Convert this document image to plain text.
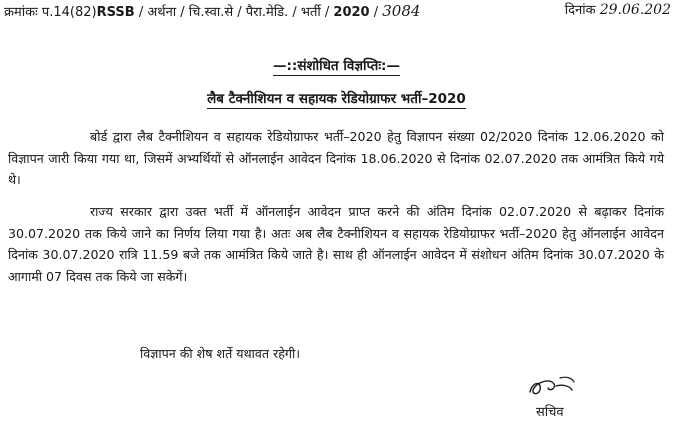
क्रमांकः प.14(82)RSSB / अर्थना / चि.स्वा.से / पैरा.मेडि. / भर्ती / 2020 / 3084	दिनांक 29.06.202
—::संशोधित विज्ञप्तिः:—
लैब टैक्नीशियन व सहायक रेडियोग्राफर भर्ती–2020
बोर्ड द्वारा लैब टैक्नीशियन व सहायक रेडियोग्राफर भर्ती–2020 हेतु विज्ञापन संख्या 02/2020 दिनांक 12.06.2020 को विज्ञापन जारी किया गया था, जिसमें अभ्यर्थियों से ऑनलाईन आवेदन दिनांक 18.06.2020 से दिनांक 02.07.2020 तक आमंत्रित किये गये थे।
राज्य सरकार द्वारा उक्त भर्ती में ऑनलाईन आवेदन प्राप्त करने की अंतिम दिनांक 02.07.2020 से बढ़ाकर दिनांक 30.07.2020 तक किये जाने का निर्णय लिया गया है। अतः अब लैब टैक्नीशियन व सहायक रेडियोग्राफर भर्ती–2020 हेतु ऑनलाईन आवेदन दिनांक 30.07.2020 रात्रि 11.59 बजे तक आमंत्रित किये जाते है। साथ ही ऑनलाईन आवेदन में संशोधन अंतिम दिनांक 30.07.2020 के आगामी 07 दिवस तक किये जा सकेगें।
विज्ञापन की शेष शर्ते यथावत रहेगी।
सचिव
